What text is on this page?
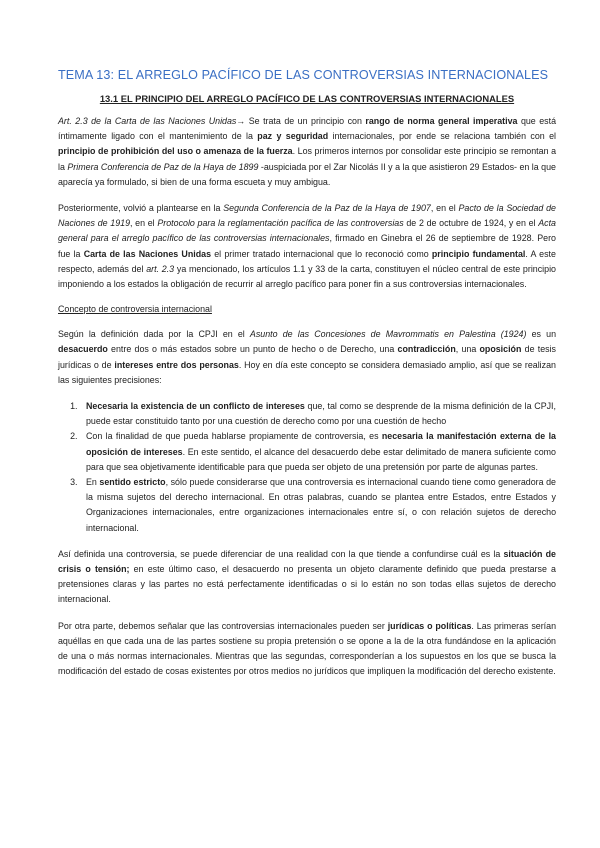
TEMA 13: EL ARREGLO PACÍFICO DE LAS CONTROVERSIAS INTERNACIONALES
13.1 EL PRINCIPIO DEL ARREGLO PACÍFICO DE LAS CONTROVERSIAS INTERNACIONALES

Art. 2.3 de la Carta de las Naciones Unidas→ Se trata de un principio con rango de norma general imperativa que está íntimamente ligado con el mantenimiento de la paz y seguridad internacionales, por ende se relaciona también con el principio de prohibición del uso o amenaza de la fuerza. Los primeros internos por consolidar este principio se remontan a la Primera Conferencia de Paz de la Haya de 1899 -auspiciada por el Zar Nicolás II y a la que asistieron 29 Estados- en la que aparecía ya formulado, si bien de una forma escueta y muy ambigua.

Posteriormente, volvió a plantearse en la Segunda Conferencia de la Paz de la Haya de 1907, en el Pacto de la Sociedad de Naciones de 1919, en el Protocolo para la reglamentación pacífica de las controversias de 2 de octubre de 1924, y en el Acta general para el arreglo pacífico de las controversias internacionales, firmado en Ginebra el 26 de septiembre de 1928. Pero fue la Carta de las Naciones Unidas el primer tratado internacional que lo reconoció como principio fundamental. A este respecto, además del art. 2.3 ya mencionado, los artículos 1.1 y 33 de la carta, constituyen el núcleo central de este principio imponiendo a los estados la obligación de recurrir al arreglo pacífico para poner fin a sus controversias internacionales.

Concepto de controversia internacional

Según la definición dada por la CPJI en el Asunto de las Concesiones de Mavrommatis en Palestina (1924) es un desacuerdo entre dos o más estados sobre un punto de hecho o de Derecho, una contradicción, una oposición de tesis jurídicas o de intereses entre dos personas. Hoy en día este concepto se considera demasiado amplio, así que se realizan las siguientes precisiones:

1. Necesaria la existencia de un conflicto de intereses que, tal como se desprende de la misma definición de la CPJI, puede estar constituido tanto por una cuestión de derecho como por una cuestión de hecho
2. Con la finalidad de que pueda hablarse propiamente de controversia, es necesaria la manifestación externa de la oposición de intereses. En este sentido, el alcance del desacuerdo debe estar delimitado de manera suficiente como para que sea objetivamente identificable para que pueda ser objeto de una pretensión por parte de algunas partes.
3. En sentido estricto, sólo puede considerarse que una controversia es internacional cuando tiene como generadora de la misma sujetos del derecho internacional. En otras palabras, cuando se plantea entre Estados, entre Estados y Organizaciones internacionales, entre organizaciones internacionales entre sí, o con relación sujetos de derecho internacional.

Así definida una controversia, se puede diferenciar de una realidad con la que tiende a confundirse cuál es la situación de crisis o tensión; en este último caso, el desacuerdo no presenta un objeto claramente definido que pueda prestarse a pretensiones claras y las partes no está perfectamente identificadas o si lo están no son todas ellas sujetos de derecho internacional.

Por otra parte, debemos señalar que las controversias internacionales pueden ser jurídicas o políticas. Las primeras serían aquéllas en que cada una de las partes sostiene su propia pretensión o se opone a la de la otra fundándose en la aplicación de una o más normas internacionales. Mientras que las segundas, corresponderían a los supuestos en los que se busca la modificación del estado de cosas existentes por otros medios no jurídicos que impliquen la modificación del derecho existente.
